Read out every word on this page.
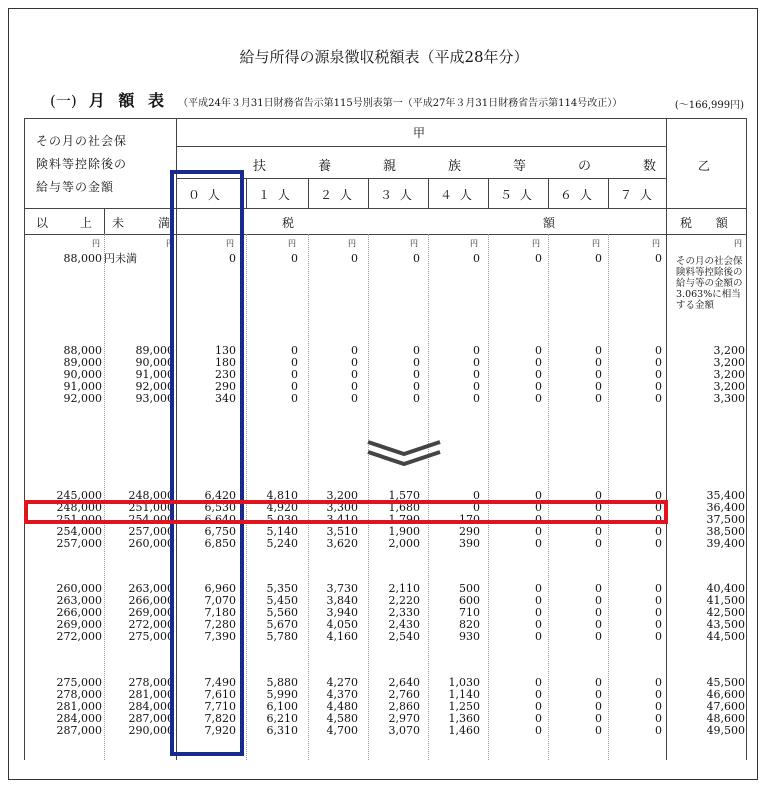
給与所得の源泉徴収税額表（平成28年分）
(一) 月 額 表 （平成24年３月31日財務省告示第115号別表第一（平成27年３月31日財務省告示第114号改正））	(～166,999円)
その月の社会保
険料等控除後の
給与等の金額
甲
乙
扶	養	親	族	等	の	数
０ 人	１ 人 ２ 人 ３ 人 ４ 人 ５ 人 ６ 人 ７ 人
以	上 未	満	税	額	税 額
円	円	円	円	円	円	円	円	円	円	円
88,000 円未満	0	0	0	0	0	0	0	0 その月の社会保険料等控除後の給与等の金額の3.063%に相当する金額
88,000	89,000	130	0	0	0	0	0	0	0	3,200
89,000	90,000	180	0	0	0	0	0	0	0	3,200
90,000	91,000	230	0	0	0	0	0	0	0	3,200
91,000	92,000	290	0	0	0	0	0	0	0	3,200
92,000	93,000	340	0	0	0	0	0	0	0	3,300
245,000	248,000	6,420	4,810	3,200	1,570	0	0	0	0	35,400
248,000	251,000	6,530	4,920	3,300	1,680	0	0	0	0	36,400
251,000	254,000	6,640	5,030	3,410	1,790	170	0	0	0	37,500
254,000	257,000	6,750	5,140	3,510	1,900	290	0	0	0	38,500
257,000	260,000	6,850	5,240	3,620	2,000	390	0	0	0	39,400
260,000	263,000	6,960	5,350	3,730	2,110	500	0	0	0	40,400
263,000	266,000	7,070	5,450	3,840	2,220	600	0	0	0	41,500
266,000	269,000	7,180	5,560	3,940	2,330	710	0	0	0	42,500
269,000	272,000	7,280	5,670	4,050	2,430	820	0	0	0	43,500
272,000	275,000	7,390	5,780	4,160	2,540	930	0	0	0	44,500
275,000	278,000	7,490	5,880	4,270	2,640	1,030	0	0	0	45,500
278,000	281,000	7,610	5,990	4,370	2,760	1,140	0	0	0	46,600
281,000	284,000	7,710	6,100	4,480	2,860	1,250	0	0	0	47,600
284,000	287,000	7,820	6,210	4,580	2,970	1,360	0	0	0	48,600
287,000	290,000	7,920	6,310	4,700	3,070	1,460	0	0	0	49,500
